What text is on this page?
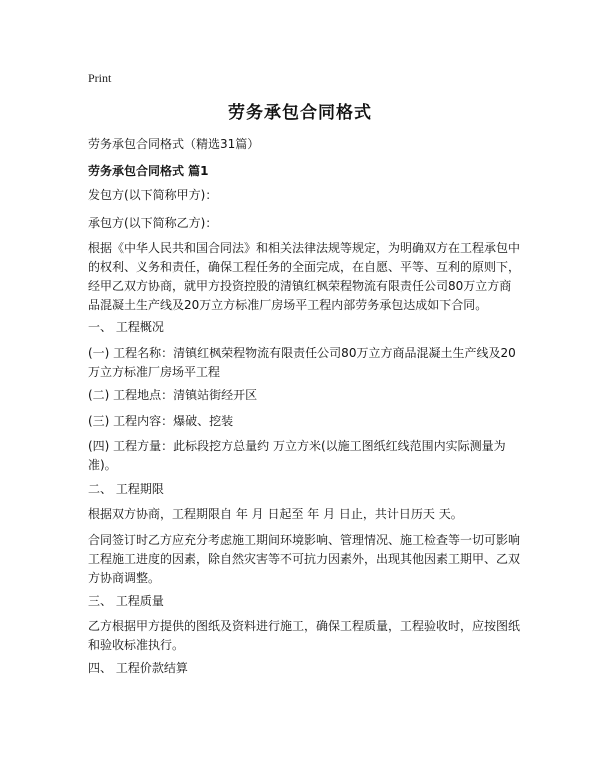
Print
劳务承包合同格式

劳务承包合同格式（精选31篇）

劳务承包合同格式 篇1

发包方(以下简称甲方)：

承包方(以下简称乙方)：

根据《中华人民共和国合同法》和相关法律法规等规定，为明确双方在工程承包中的权利、义务和责任，确保工程任务的全面完成，在自愿、平等、互利的原则下，经甲乙双方协商，就甲方投资控股的清镇红枫荣程物流有限责任公司80万立方商品混凝土生产线及20万立方标准厂房场平工程内部劳务承包达成如下合同。

一、 工程概况

(一) 工程名称：清镇红枫荣程物流有限责任公司80万立方商品混凝土生产线及20万立方标准厂房场平工程

(二) 工程地点：清镇站街经开区

(三) 工程内容：爆破、挖装

(四) 工程方量：此标段挖方总量约 万立方米(以施工图纸红线范围内实际测量为准)。

二、 工程期限

根据双方协商，工程期限自 年 月 日起至 年 月 日止，共计日历天 天。

合同签订时乙方应充分考虑施工期间环境影响、管理情况、施工检查等一切可影响工程施工进度的因素，除自然灾害等不可抗力因素外，出现其他因素工期甲、乙双方协商调整。

三、 工程质量

乙方根据甲方提供的图纸及资料进行施工，确保工程质量，工程验收时，应按图纸和验收标准执行。

四、 工程价款结算
